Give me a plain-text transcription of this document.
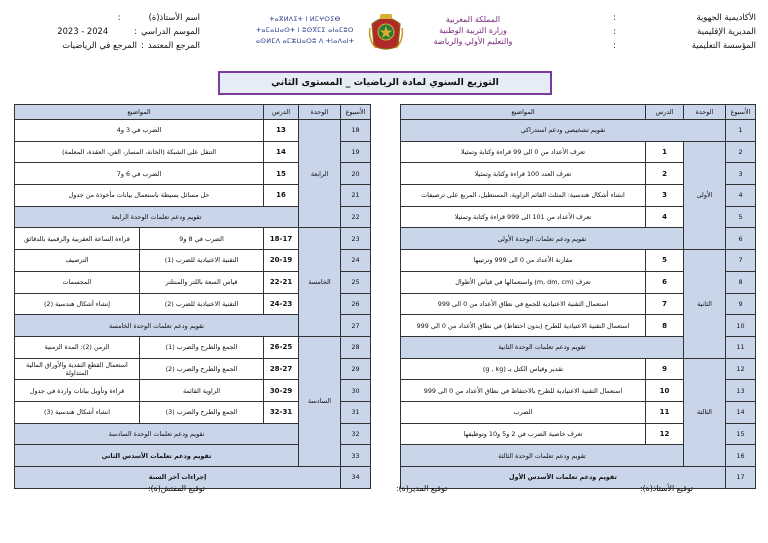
الأكاديمية الجهوية
:
المديرية الإقليمية
:
المؤسسة التعليمية
:
المملكة المغربية
وزارة التربية الوطنية
والتعليم الأولي والرياضة
ⵜⴰⴳⵍⴷⵉⵜ ⵏ ⵍⵎⵖⵔⵉⴱ
ⵜⴰⵎⴰⵡⴰⵙⵜ ⵏ ⵓⵙⴳⵎⵉ ⴰⵏⴰⵎⵓⵔ
ⴰⵙⵍⵎⴷ ⴰⵎⵣⵡⴰⵔⵓ ⴷ ⵜⵏⴰⴷⴰⵏⵜ
اسم الأستاذ(ة):
الموسم الدراسي:2023 - 2024
المرجع المعتمد:المرجع في الرياضيات
التوزيع السنوي لمادة الرياضيات _ المستوى الثاني
الأسبوع	الوحدة	الدرس	المواضيع
1	تقويم تشخيصي ودعم استدراكي		
2	الأولى	1	تعرف الأعداد من 0 الى 99 قراءة وكتابة وتمثيلا
3		2	تعرف العدد 100 قراءة وكتابة وتمثيلا
4		3	انشاء أشكال هندسية: المثلث القائم الزاوية، المستطيل، المربع على ترصيفات
5		4	تعرف الأعداد من 101 الى 999 قراءة وكتابة وتمثيلا
6		تقويم ودعم تعلمات الوحدة الأولى	
7	الثانية	5	مقارنة الأعداد من 0 الى 999 وترتيبها
8		6	تعرف (m, dm, cm) واستعمالها في قياس الأطوال
9		7	استعمال التقنية الاعتيادية للجمع في نطاق الأعداد من 0 الى 999
10		8	استعمال التقنية الاعتيادية للطرح (بدون احتفاظ) في نطاق الأعداد من 0 الى 999
11		تقويم ودعم تعلمات الوحدة الثانية	
12	الثالثة	9	تقدير وقياس الكتل بـ (g , kg)
13		10	استعمال التقنية الاعتيادية للطرح بالاحتفاظ في نطاق الأعداد من 0 الى 999
14		11	الضرب
15		12	تعرف خاصية الضرب في 2 و5 و10 وتوظيفها
16		تقويم ودعم تعلمات الوحدة الثالثة	
17	تقويم ودعم تعلمات الأسدس الأول		
الأسبوع	الوحدة	الدرس	المواضيع	
18	الرابعة	13	الضرب في 3 و4	
19		14	التنقل على الشبكة (الخانة، المسار، الفن، العقدة، المعلمة)	
20		15	الضرب في 6 و7	
21		16	حل مسائل بسيطة باستعمال بيانات مأخوذة من جدول	
22		تقويم ودعم تعلمات الوحدة الرابعة		
23	الخامسة	18-17	الضرب في 8 و9	قراءة الساعة العقربية والرقمية بالدقائق
24		20-19	التقنية الاعتيادية للضرب (1)	الترصيف
25		22-21	قياس السعة باللتر والمنتلتر	المجسمات
26		24-23	التقنية الاعتيادية للضرب (2)	إنشاء أشكال هندسية (2)
27		تقويم ودعم تعلمات الوحدة الخامسة		
28	السادسة	26-25	الجمع والطرح والضرب (1)	الزمن (2): المدة الزمنية
29		28-27	الجمع والطرح والضرب (2)	استعمال القطع النقدية والأوراق المالية المتداولة
30		30-29	الزاوية القائمة	قراءة وتأويل بيانات واردة في جدول
31		32-31	الجمع والطرح والضرب (3)	انشاء أشكال هندسية (3)
32		تقويم ودعم تعلمات الوحدة السادسة		
33		تقويم ودعم تعلمات الأسدس الثاني		
34	إجراءات آخر السنة			
توقيع الأستاذ(ة):
توقيع المدير(ة):
توقيع المفتش(ة):
